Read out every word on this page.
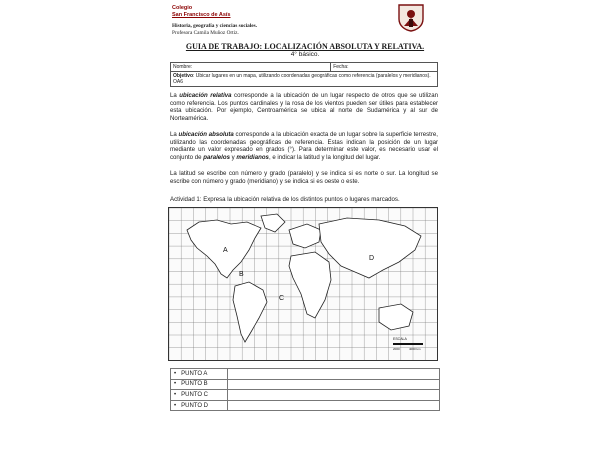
Colegio
San Francisco de Asís
Historia, geografía y ciencias sociales.
Profesora Camila Muñoz Ortiz.
GUIA DE TRABAJO: LOCALIZACIÓN ABSOLUTA Y RELATIVA.
4° básico.
Nombre:	Fecha:
Objetivo: Ubicar lugares en un mapa, utilizando coordenadas geográficas como referencia (paralelos y meridianos). OA6
La ubicación relativa corresponde a la ubicación de un lugar respecto de otros que se utilizan como referencia. Los puntos cardinales y la rosa de los vientos pueden ser útiles para establecer esta ubicación. Por ejemplo, Centroamérica se ubica al norte de Sudamérica y al sur de Norteamérica.
La ubicación absoluta corresponde a la ubicación exacta de un lugar sobre la superficie terrestre, utilizando las coordenadas geográficas de referencia. Estas indican la posición de un lugar mediante un valor expresado en grados (°). Para determinar este valor, es necesario usar el conjunto de paralelos y meridianos, e indicar la latitud y la longitud del lugar.
La latitud se escribe con número y grado (paralelo) y se indica si es norte o sur. La longitud se escribe con número y grado (meridiano) y se indica si es oeste o este.
Actividad 1: Expresa la ubicación relativa de los distintos puntos o lugares marcados.
A
B
C
D
ESCALA
2000	4000 km
• PUNTO A	
• PUNTO B	
• PUNTO C	
• PUNTO D	
